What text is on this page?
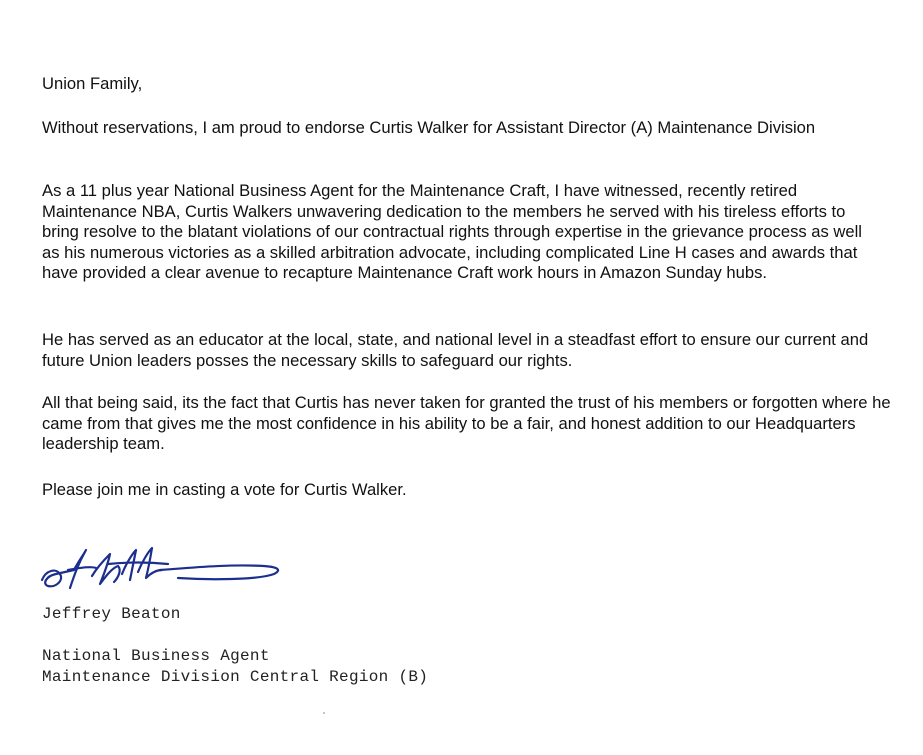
Union Family,

Without reservations, I am proud to endorse Curtis Walker for Assistant Director (A) Maintenance Division

As a 11 plus year National Business Agent for the Maintenance Craft, I have witnessed, recently retired Maintenance NBA, Curtis Walkers unwavering dedication to the members he served with his tireless efforts to bring resolve to the blatant violations of our contractual rights through expertise in the grievance process as well as his numerous victories as a skilled arbitration advocate, including complicated Line H cases and awards that have provided a clear avenue to recapture Maintenance Craft work hours in Amazon Sunday hubs.

He has served as an educator at the local, state, and national level in a steadfast effort to ensure our current and future Union leaders posses the necessary skills to safeguard our rights.

All that being said, its the fact that Curtis has never taken for granted the trust of his members or forgotten where he came from that gives me the most confidence in his ability to be a fair, and honest addition to our Headquarters leadership team.

Please join me in casting a vote for Curtis Walker.

Jeffrey Beaton

National Business Agent

Maintenance Division Central Region (B)
